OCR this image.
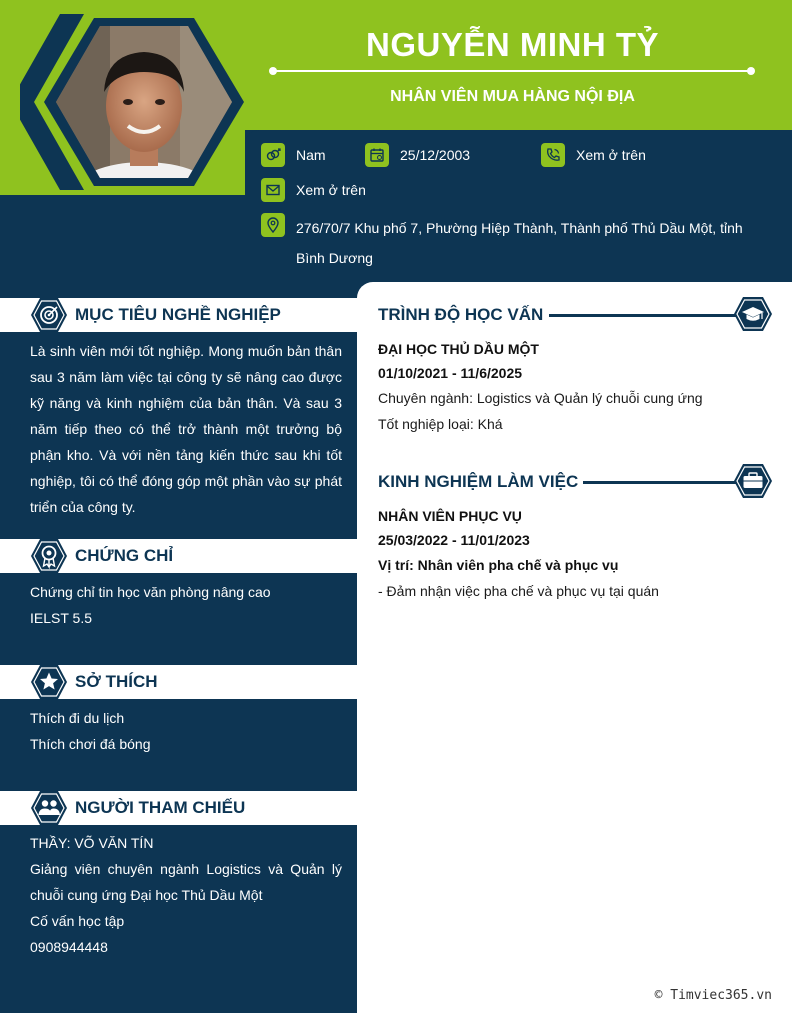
NGUYỄN MINH TỶ
NHÂN VIÊN MUA HÀNG NỘI ĐỊA
Nam	25/12/2003	Xem ở trên
Xem ở trên
276/70/7 Khu phố 7, Phường Hiệp Thành, Thành phố Thủ Dầu Một, tỉnh Bình Dương
MỤC TIÊU NGHỀ NGHIỆP
Là sinh viên mới tốt nghiệp. Mong muốn bản thân sau 3 năm làm việc tại công ty sẽ nâng cao được kỹ năng và kinh nghiệm của bản thân. Và sau 3 năm tiếp theo có thể trở thành một trưởng bộ phận kho. Và với nền tảng kiến thức sau khi tốt nghiệp, tôi có thể đóng góp một phần vào sự phát triển của công ty.
CHỨNG CHỈ
Chứng chỉ tin học văn phòng nâng cao
IELST 5.5
SỞ THÍCH
Thích đi du lịch
Thích chơi đá bóng
NGƯỜI THAM CHIẾU
THẦY: VÕ VĂN TÍN
Giảng viên chuyên ngành Logistics và Quản lý chuỗi cung ứng Đại học Thủ Dầu Một
Cố vấn học tập
0908944448
TRÌNH ĐỘ HỌC VẤN
ĐẠI HỌC THỦ DẦU MỘT
01/10/2021 - 11/6/2025
Chuyên ngành: Logistics và Quản lý chuỗi cung ứng
Tốt nghiệp loại: Khá
KINH NGHIỆM LÀM VIỆC
NHÂN VIÊN PHỤC VỤ
25/03/2022 - 11/01/2023
Vị trí: Nhân viên pha chế và phục vụ
- Đảm nhận việc pha chế và phục vụ tại quán
© Timviec365.vn
